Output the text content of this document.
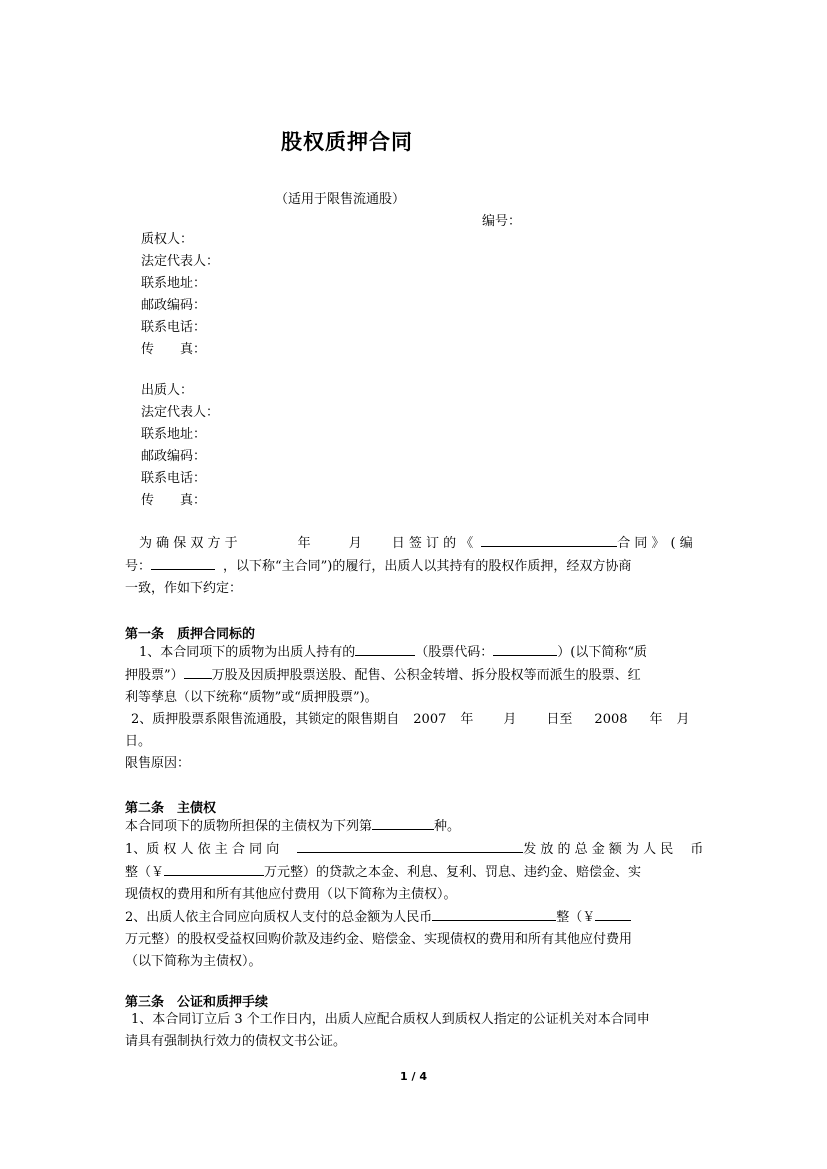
股权质押合同
（适用于限售流通股）
编号：
质权人：
法定代表人：
联系地址：
邮政编码：
联系电话：
传　　真：
出质人：
法定代表人：
联系地址：
邮政编码：
联系电话：
传　　真：
为 确 保 双 方 于	年	月 日 签 订 的 《	合 同 》 ( 编
号：	，以下称“主合同”)的履行，出质人以其持有的股权作质押，经双方协商
一致，作如下约定：
第一条　质押合同标的
1、本合同项下的质物为出质人持有的	（股票代码：	）(以下简称“质
押股票”） 万股及因质押股票送股、配售、公积金转增、拆分股权等而派生的股票、红
利等孳息（以下统称“质物”或“质押股票”)。
2、质押股票系限售流通股，其锁定的限售期自 2007 年 月 日至 2008 年 月
日。
限售原因：
第二条　主债权
本合同项下的质物所担保的主债权为下列第	种。
1、质 权 人 依 主 合 同 向	发 放 的 总 金 额 为 人 民　 币
整（￥	万元整）的贷款之本金、利息、复利、罚息、违约金、赔偿金、实
现债权的费用和所有其他应付费用（以下简称为主债权）。
2、出质人依主合同应向质权人支付的总金额为人民币	整（￥
万元整）的股权受益权回购价款及违约金、赔偿金、实现债权的费用和所有其他应付费用
（以下简称为主债权）。
第三条　公证和质押手续
1、本合同订立后 3 个工作日内，出质人应配合质权人到质权人指定的公证机关对本合同申
请具有强制执行效力的债权文书公证。
1 / 4
